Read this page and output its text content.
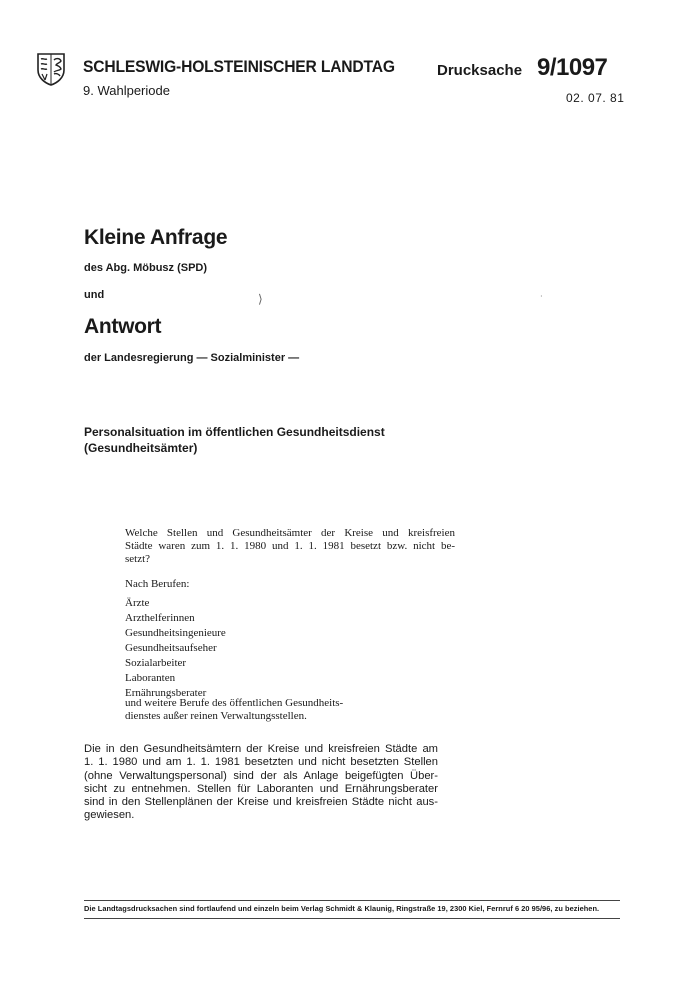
SCHLESWIG-HOLSTEINISCHER LANDTAG
9. Wahlperiode
Drucksache 9/1097
02. 07. 81
Kleine Anfrage
des Abg. Möbusz (SPD)
und
Antwort
der Landesregierung — Sozialminister —
Personalsituation im öffentlichen Gesundheitsdienst
(Gesundheitsämter)
Welche Stellen und Gesundheitsämter der Kreise und kreisfreien
Städte waren zum 1. 1. 1980 und 1. 1. 1981 besetzt bzw. nicht be-
setzt?
Nach Berufen:
Ärzte
Arzthelferinnen
Gesundheitsingenieure
Gesundheitsaufseher
Sozialarbeiter
Laboranten
Ernährungsberater
und weitere Berufe des öffentlichen Gesundheits-
dienstes außer reinen Verwaltungsstellen.
Die in den Gesundheitsämtern der Kreise und kreisfreien Städte am
1. 1. 1980 und am 1. 1. 1981 besetzten und nicht besetzten Stellen
(ohne Verwaltungspersonal) sind der als Anlage beigefügten Über-
sicht zu entnehmen. Stellen für Laboranten und Ernährungsberater
sind in den Stellenplänen der Kreise und kreisfreien Städte nicht aus-
gewiesen.
Die Landtagsdrucksachen sind fortlaufend und einzeln beim Verlag Schmidt & Klaunig, Ringstraße 19, 2300 Kiel, Fernruf 6 20 95/96, zu beziehen.
⟩	·
